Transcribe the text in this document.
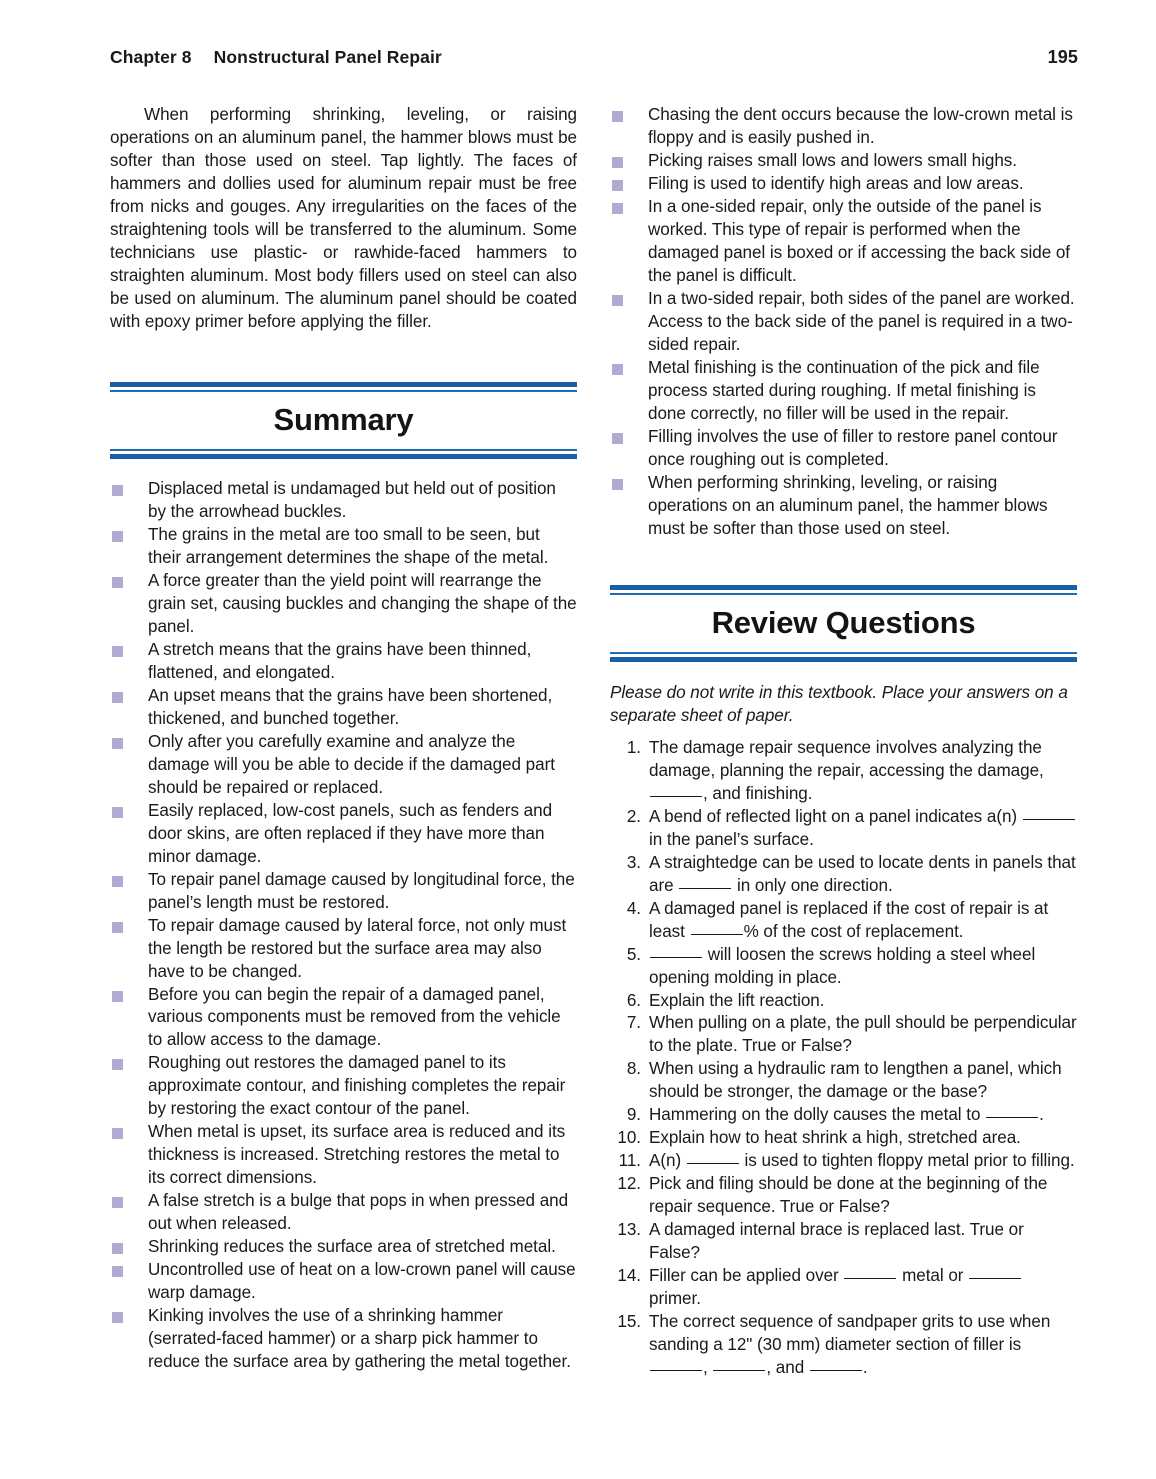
Chapter 8 Nonstructural Panel Repair	195

When performing shrinking, leveling, or raising operations on an aluminum panel, the hammer blows must be softer than those used on steel. Tap lightly. The faces of hammers and dollies used for aluminum repair must be free from nicks and gouges. Any irregularities on the faces of the straightening tools will be transferred to the aluminum. Some technicians use plastic- or rawhide-faced hammers to straighten aluminum. Most body fillers used on steel can also be used on aluminum. The aluminum panel should be coated with epoxy primer before applying the filler.

Summary
Displaced metal is undamaged but held out of position by the arrowhead buckles.
The grains in the metal are too small to be seen, but their arrangement determines the shape of the metal.
A force greater than the yield point will rearrange the grain set, causing buckles and changing the shape of the panel.
A stretch means that the grains have been thinned, flattened, and elongated.
An upset means that the grains have been shortened, thickened, and bunched together.
Only after you carefully examine and analyze the damage will you be able to decide if the damaged part should be repaired or replaced.
Easily replaced, low-cost panels, such as fenders and door skins, are often replaced if they have more than minor damage.
To repair panel damage caused by longitudinal force, the panel’s length must be restored.
To repair damage caused by lateral force, not only must the length be restored but the surface area may also have to be changed.
Before you can begin the repair of a damaged panel, various components must be removed from the vehicle to allow access to the damage.
Roughing out restores the damaged panel to its approximate contour, and finishing completes the repair by restoring the exact contour of the panel.
When metal is upset, its surface area is reduced and its thickness is increased. Stretching restores the metal to its correct dimensions.
A false stretch is a bulge that pops in when pressed and out when released.
Shrinking reduces the surface area of stretched metal.
Uncontrolled use of heat on a low-crown panel will cause warp damage.
Kinking involves the use of a shrinking hammer (serrated-faced hammer) or a sharp pick hammer to reduce the surface area by gathering the metal together.
Chasing the dent occurs because the low-crown metal is floppy and is easily pushed in.
Picking raises small lows and lowers small highs.
Filing is used to identify high areas and low areas.
In a one-sided repair, only the outside of the panel is worked. This type of repair is performed when the damaged panel is boxed or if accessing the back side of the panel is difficult.
In a two-sided repair, both sides of the panel are worked. Access to the back side of the panel is required in a two-sided repair.
Metal finishing is the continuation of the pick and file process started during roughing. If metal finishing is done correctly, no filler will be used in the repair.
Filling involves the use of filler to restore panel contour once roughing out is completed.
When performing shrinking, leveling, or raising operations on an aluminum panel, the hammer blows must be softer than those used on steel.
Review Questions
Please do not write in this textbook. Place your answers on a separate sheet of paper.
1. The damage repair sequence involves analyzing the damage, planning the repair, accessing the damage, , and finishing.
2. A bend of reflected light on a panel indicates a(n)  in the panel’s surface.
3. A straightedge can be used to locate dents in panels that are	in only one direction.
4. A damaged panel is replaced if the cost of repair is at least	% of the cost of replacement.
5.	will loosen the screws holding a steel wheel opening molding in place.
6. Explain the lift reaction.
7. When pulling on a plate, the pull should be perpendicular to the plate. True or False?
8. When using a hydraulic ram to lengthen a panel, which should be stronger, the damage or the base?
9. Hammering on the dolly causes the metal to	.
10. Explain how to heat shrink a high, stretched area.
11. A(n)	is used to tighten floppy metal prior to filling.
12. Pick and filing should be done at the beginning of the repair sequence. True or False?
13. A damaged internal brace is replaced last. True or False?
14. Filler can be applied over	metal or  primer.
15. The correct sequence of sandpaper grits to use when sanding a 12" (30 mm) diameter section of filler is ,	, and	.
